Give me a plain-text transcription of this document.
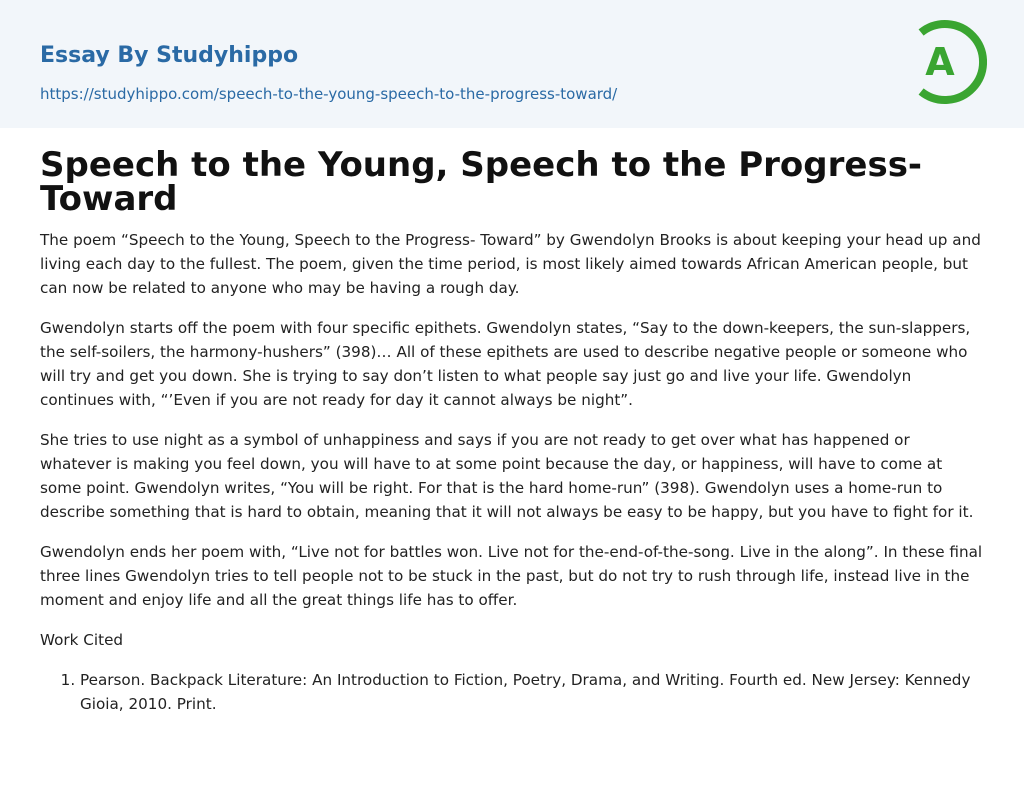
Essay By Studyhippo
https://studyhippo.com/speech-to-the-young-speech-to-the-progress-toward/
A
Speech to the Young, Speech to the Progress-Toward

The poem “Speech to the Young, Speech to the Progress- Toward” by Gwendolyn Brooks is about keeping your head up and living each day to the fullest. The poem, given the time period, is most likely aimed towards African American people, but can now be related to anyone who may be having a rough day.

Gwendolyn starts off the poem with four specific epithets. Gwendolyn states, “Say to the down-keepers, the sun-slappers, the self-soilers, the harmony-hushers” (398)… All of these epithets are used to describe negative people or someone who will try and get you down. She is trying to say don’t listen to what people say just go and live your life. Gwendolyn continues with, “’Even if you are not ready for day it cannot always be night”.

She tries to use night as a symbol of unhappiness and says if you are not ready to get over what has happened or whatever is making you feel down, you will have to at some point because the day, or happiness, will have to come at some point. Gwendolyn writes, “You will be right. For that is the hard home-run” (398). Gwendolyn uses a home-run to describe something that is hard to obtain, meaning that it will not always be easy to be happy, but you have to fight for it.

Gwendolyn ends her poem with, “Live not for battles won. Live not for the-end-of-the-song. Live in the along”. In these final three lines Gwendolyn tries to tell people not to be stuck in the past, but do not try to rush through life, instead live in the moment and enjoy life and all the great things life has to offer.

Work Cited

1. Pearson. Backpack Literature: An Introduction to Fiction, Poetry, Drama, and Writing. Fourth ed. New Jersey: Kennedy Gioia, 2010. Print.
